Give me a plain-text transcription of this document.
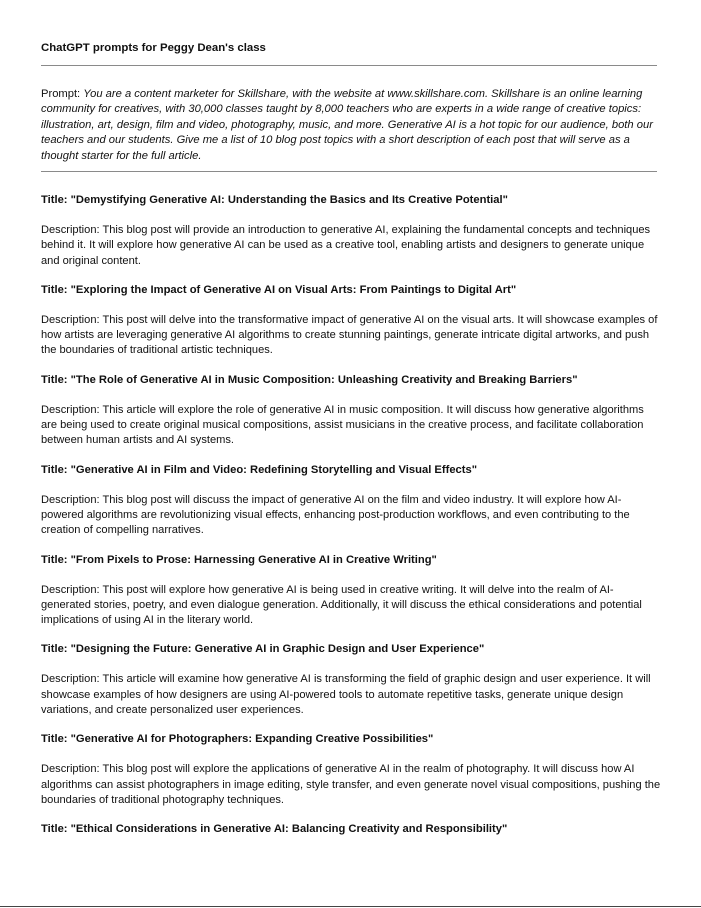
ChatGPT prompts for Peggy Dean's class

Prompt: You are a content marketer for Skillshare, with the website at www.skillshare.com. Skillshare is an online learning community for creatives, with 30,000 classes taught by 8,000 teachers who are experts in a wide range of creative topics: illustration, art, design, film and video, photography, music, and more. Generative AI is a hot topic for our audience, both our teachers and our students. Give me a list of 10 blog post topics with a short description of each post that will serve as a thought starter for the full article.

Title: "Demystifying Generative AI: Understanding the Basics and Its Creative Potential"

Description: This blog post will provide an introduction to generative AI, explaining the fundamental concepts and techniques behind it. It will explore how generative AI can be used as a creative tool, enabling artists and designers to generate unique and original content.

Title: "Exploring the Impact of Generative AI on Visual Arts: From Paintings to Digital Art"

Description: This post will delve into the transformative impact of generative AI on the visual arts. It will showcase examples of how artists are leveraging generative AI algorithms to create stunning paintings, generate intricate digital artworks, and push the boundaries of traditional artistic techniques.

Title: "The Role of Generative AI in Music Composition: Unleashing Creativity and Breaking Barriers"

Description: This article will explore the role of generative AI in music composition. It will discuss how generative algorithms are being used to create original musical compositions, assist musicians in the creative process, and facilitate collaboration between human artists and AI systems.

Title: "Generative AI in Film and Video: Redefining Storytelling and Visual Effects"

Description: This blog post will discuss the impact of generative AI on the film and video industry. It will explore how AI-powered algorithms are revolutionizing visual effects, enhancing post-production workflows, and even contributing to the creation of compelling narratives.

Title: "From Pixels to Prose: Harnessing Generative AI in Creative Writing"

Description: This post will explore how generative AI is being used in creative writing. It will delve into the realm of AI-generated stories, poetry, and even dialogue generation. Additionally, it will discuss the ethical considerations and potential implications of using AI in the literary world.

Title: "Designing the Future: Generative AI in Graphic Design and User Experience"

Description: This article will examine how generative AI is transforming the field of graphic design and user experience. It will showcase examples of how designers are using AI-powered tools to automate repetitive tasks, generate unique design variations, and create personalized user experiences.

Title: "Generative AI for Photographers: Expanding Creative Possibilities"

Description: This blog post will explore the applications of generative AI in the realm of photography. It will discuss how AI algorithms can assist photographers in image editing, style transfer, and even generate novel visual compositions, pushing the boundaries of traditional photography techniques.

Title: "Ethical Considerations in Generative AI: Balancing Creativity and Responsibility"
